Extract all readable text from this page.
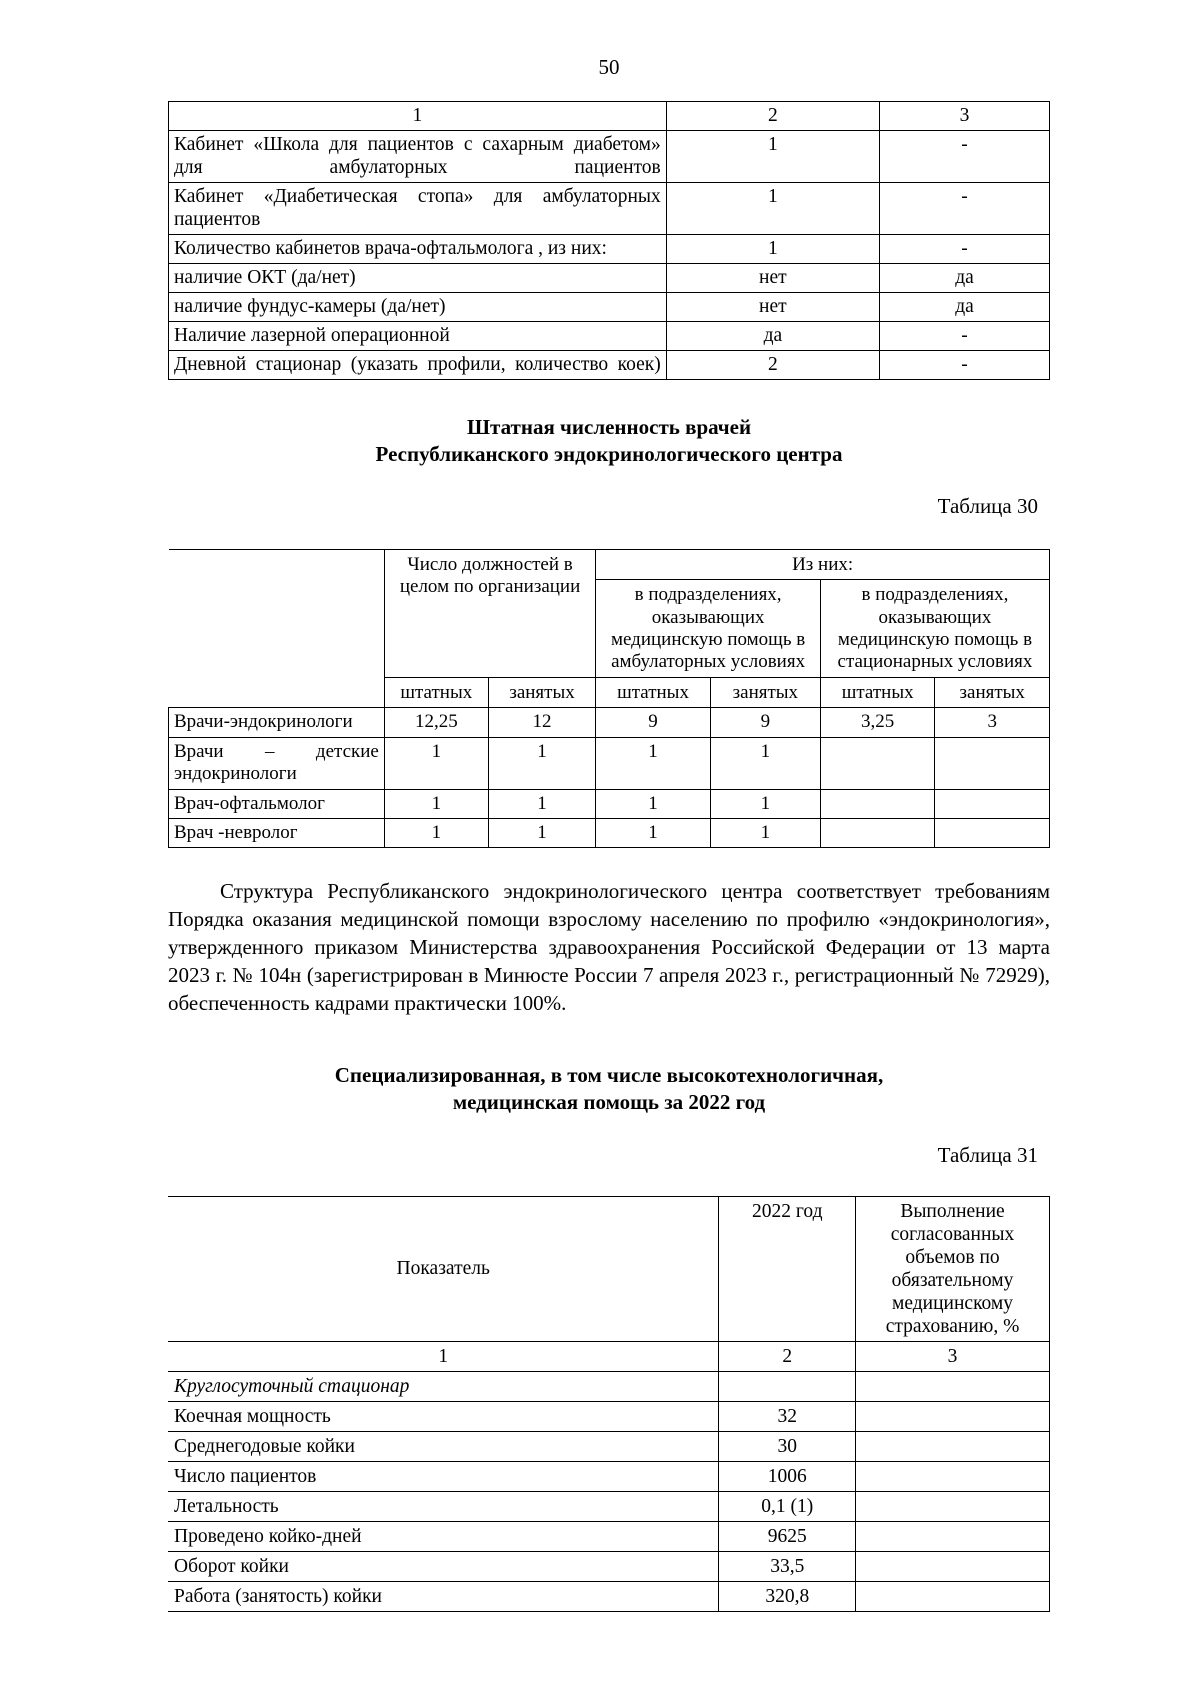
50
1	2	3
Кабинет «Школа для пациентов с сахарным диабетом» для амбулаторных пациентов	1	-
Кабинет «Диабетическая стопа» для амбулаторных пациентов	1	-
Количество кабинетов врача-офтальмолога , из них:	1	-
наличие ОКТ (да/нет)	нет	да
наличие фундус-камеры (да/нет)	нет	да
Наличие лазерной операционной	да	-
Дневной стационар (указать профили, количество коек)	2	-
Штатная численность врачей
Республиканского эндокринологического центра
Таблица 30
	Число должностей в целом по организации		Из них:			
			в подразделениях, оказывающих медицинскую помощь в амбулаторных условиях		в подразделениях, оказывающих медицинскую помощь в стационарных условиях	
	штатных	занятых	штатных	занятых	штатных	занятых
Врачи-эндокринологи	12,25	12	9	9	3,25	3
Врачи – детские эндокринологи	1	1	1	1		
Врач-офтальмолог	1	1	1	1		
Врач -невролог	1	1	1	1		

Структура Республиканского эндокринологического центра соответствует требованиям Порядка оказания медицинской помощи взрослому населению по профилю «эндокринология», утвержденного приказом Министерства здравоохранения Российской Федерации от 13 марта 2023 г. № 104н (зарегистрирован в Минюсте России 7 апреля 2023 г., регистрационный № 72929), обеспеченность кадрами практически 100%.

Специализированная, в том числе высокотехнологичная,
медицинская помощь за 2022 год
Таблица 31
Показатель	2022 год	Выполнение согласованных объемов по обязательному медицинскому страхованию, %
1	2	3
Круглосуточный стационар		
Коечная мощность	32	
Среднегодовые койки	30	
Число пациентов	1006	
Летальность	0,1 (1)	
Проведено койко-дней	9625	
Оборот койки	33,5	
Работа (занятость) койки	320,8	
